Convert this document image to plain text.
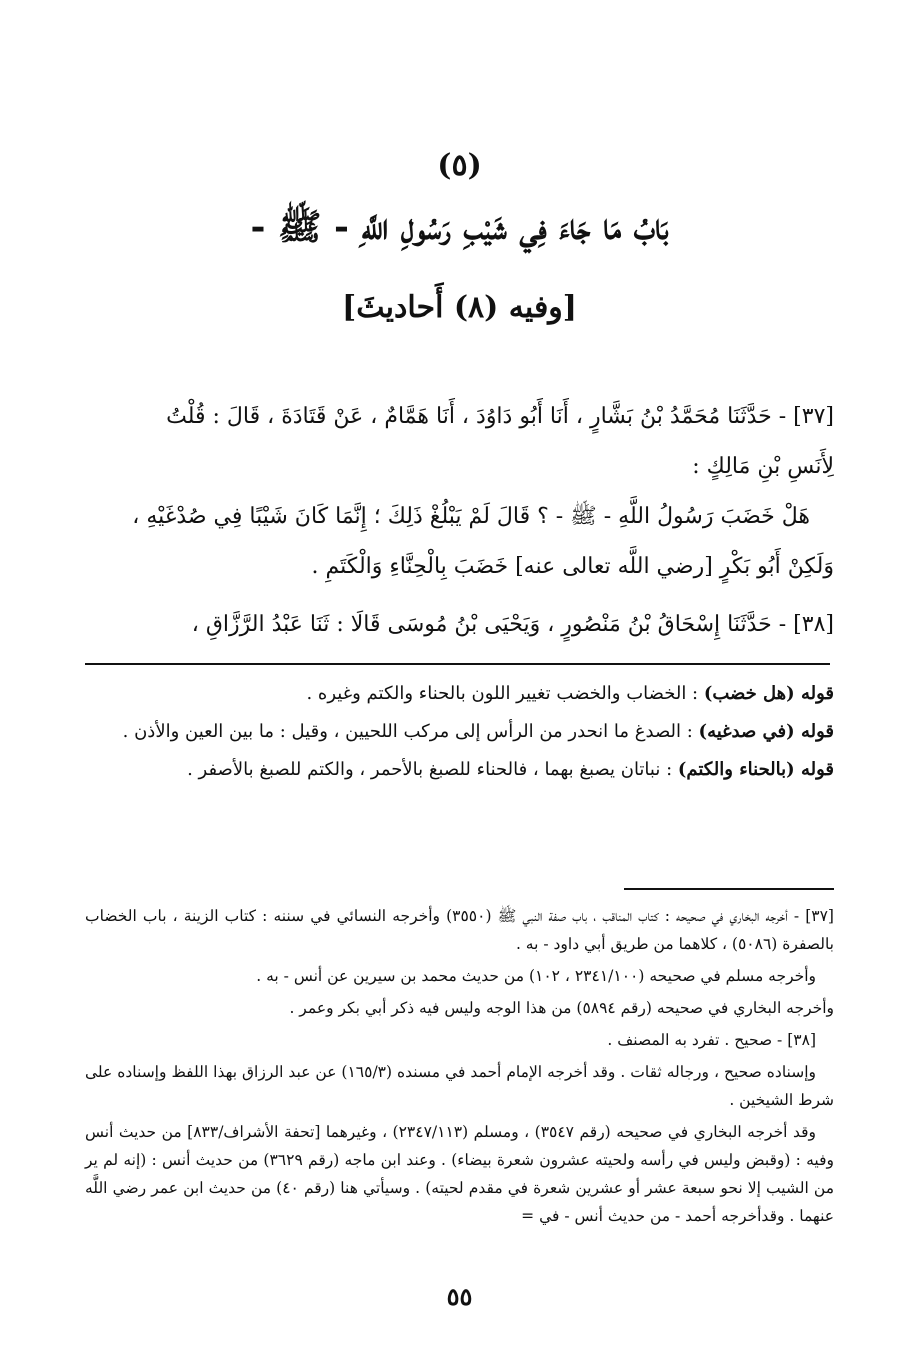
(٥)
بَابُ مَا جَاءَ فِي شَيْبِ رَسُولِ اللَّهِ - ﷺ -
[وفيه (٨) أَحاديثَ]

[٣٧] - حَدَّثَنَا مُحَمَّدُ بْنُ بَشَّارٍ ، أَنَا أَبُو دَاوُدَ ، أَنَا هَمَّامٌ ، عَنْ قَتَادَةَ ، قَالَ : قُلْتُ

لِأَنَسِ بْنِ مَالِكٍ :

هَلْ خَضَبَ رَسُولُ اللَّهِ - ﷺ - ؟ قَالَ لَمْ يَبْلُغْ ذَلِكَ ؛ إِنَّمَا كَانَ شَيْبًا فِي صُدْغَيْهِ ،

وَلَكِنْ أَبُو بَكْرٍ [رضي اللَّه تعالى عنه] خَضَبَ بِالْحِنَّاءِ وَالْكَتَمِ .

[٣٨] - حَدَّثَنَا إِسْحَاقُ بْنُ مَنْصُورٍ ، وَيَحْيَى بْنُ مُوسَى قَالَا : ثَنَا عَبْدُ الرَّزَّاقِ ،

قوله (هل خضب) : الخضاب والخضب تغيير اللون بالحناء والكتم وغيره .

قوله (في صدغيه) : الصدغ ما انحدر من الرأس إلى مركب اللحيين ، وقيل : ما بين العين والأذن .

قوله (بالحناء والكتم) : نباتان يصبغ بهما ، فالحناء للصبغ بالأحمر ، والكتم للصبغ بالأصفر .

[٣٧] - أخرجه البخاري في صحيحه : كتاب المناقب ، باب صفة النبي ﷺ (٣٥٥٠) وأخرجه النسائي في سننه : كتاب الزينة ، باب الخضاب بالصفرة (٥٠٨٦) ، كلاهما من طريق أبي داود - به .

وأخرجه مسلم في صحيحه (٢٣٤١/١٠٠ ، ١٠٢) من حديث محمد بن سيرين عن أنس - به .

وأخرجه البخاري في صحيحه (رقم ٥٨٩٤) من هذا الوجه وليس فيه ذكر أبي بكر وعمر .

[٣٨] - صحيح . تفرد به المصنف .

وإسناده صحيح ، ورجاله ثقات . وقد أخرجه الإمام أحمد في مسنده (١٦٥/٣) عن عبد الرزاق بهذا اللفظ وإسناده على شرط الشيخين .

وقد أخرجه البخاري في صحيحه (رقم ٣٥٤٧) ، ومسلم (٢٣٤٧/١١٣) ، وغيرهما [تحفة الأشراف/٨٣٣] من حديث أنس وفيه : (وقبض وليس في رأسه ولحيته عشرون شعرة بيضاء) . وعند ابن ماجه (رقم ٣٦٢٩) من حديث أنس : (إنه لم ير من الشيب إلا نحو سبعة عشر أو عشرين شعرة في مقدم لحيته) . وسيأتي هنا (رقم ٤٠) من حديث ابن عمر رضي اللَّه عنهما . وقدأخرجه أحمد - من حديث أنس - في =

٥٥
